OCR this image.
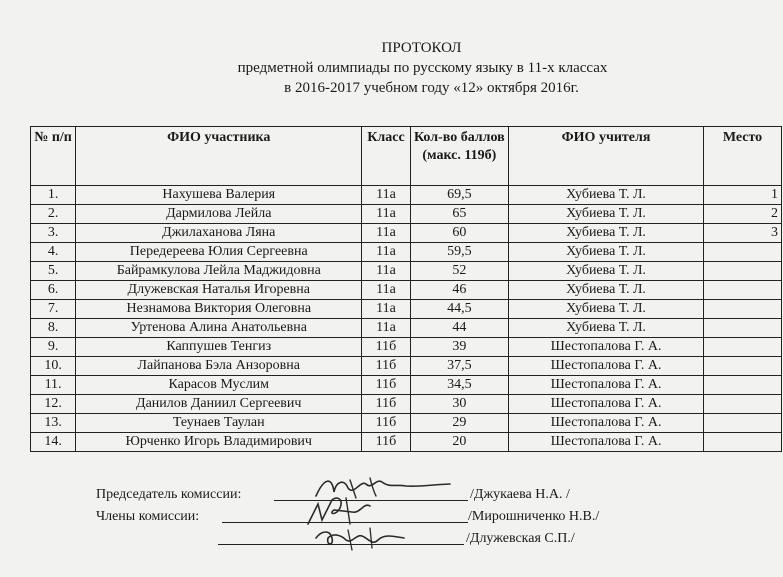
ПРОТОКОЛ
предметной олимпиады по русскому языку в 11-х классах
в 2016-2017 учебном году «12» октября 2016г.
№ п/п	ФИО участника	Класс	Кол-во баллов (макс. 119б)	ФИО учителя	Место
1.	Нахушева Валерия	11а	69,5	Хубиева Т. Л.	1
2.	Дармилова Лейла	11а	65	Хубиева Т. Л.	2
3.	Джилаханова Ляна	11а	60	Хубиева Т. Л.	3
4.	Передереева Юлия Сергеевна	11а	59,5	Хубиева Т. Л.	
5.	Байрамкулова Лейла Маджидовна	11а	52	Хубиева Т. Л.	
6.	Длужевская Наталья Игоревна	11а	46	Хубиева Т. Л.	
7.	Незнамова Виктория Олеговна	11а	44,5	Хубиева Т. Л.	
8.	Уртенова Алина Анатольевна	11а	44	Хубиева Т. Л.	
9.	Каппушев Тенгиз	11б	39	Шестопалова Г. А.	
10.	Лайпанова Бэла Анзоровна	11б	37,5	Шестопалова Г. А.	
11.	Карасов Муслим	11б	34,5	Шестопалова Г. А.	
12.	Данилов Даниил Сергеевич	11б	30	Шестопалова Г. А.	
13.	Теунаев Таулан	11б	29	Шестопалова Г. А.	
14.	Юрченко Игорь Владимирович	11б	20	Шестопалова Г. А.	
Председатель комиссии:	/Джукаева Н.А. /
Члены комиссии:	/Мирошниченко Н.В./
/Длужевская С.П./
